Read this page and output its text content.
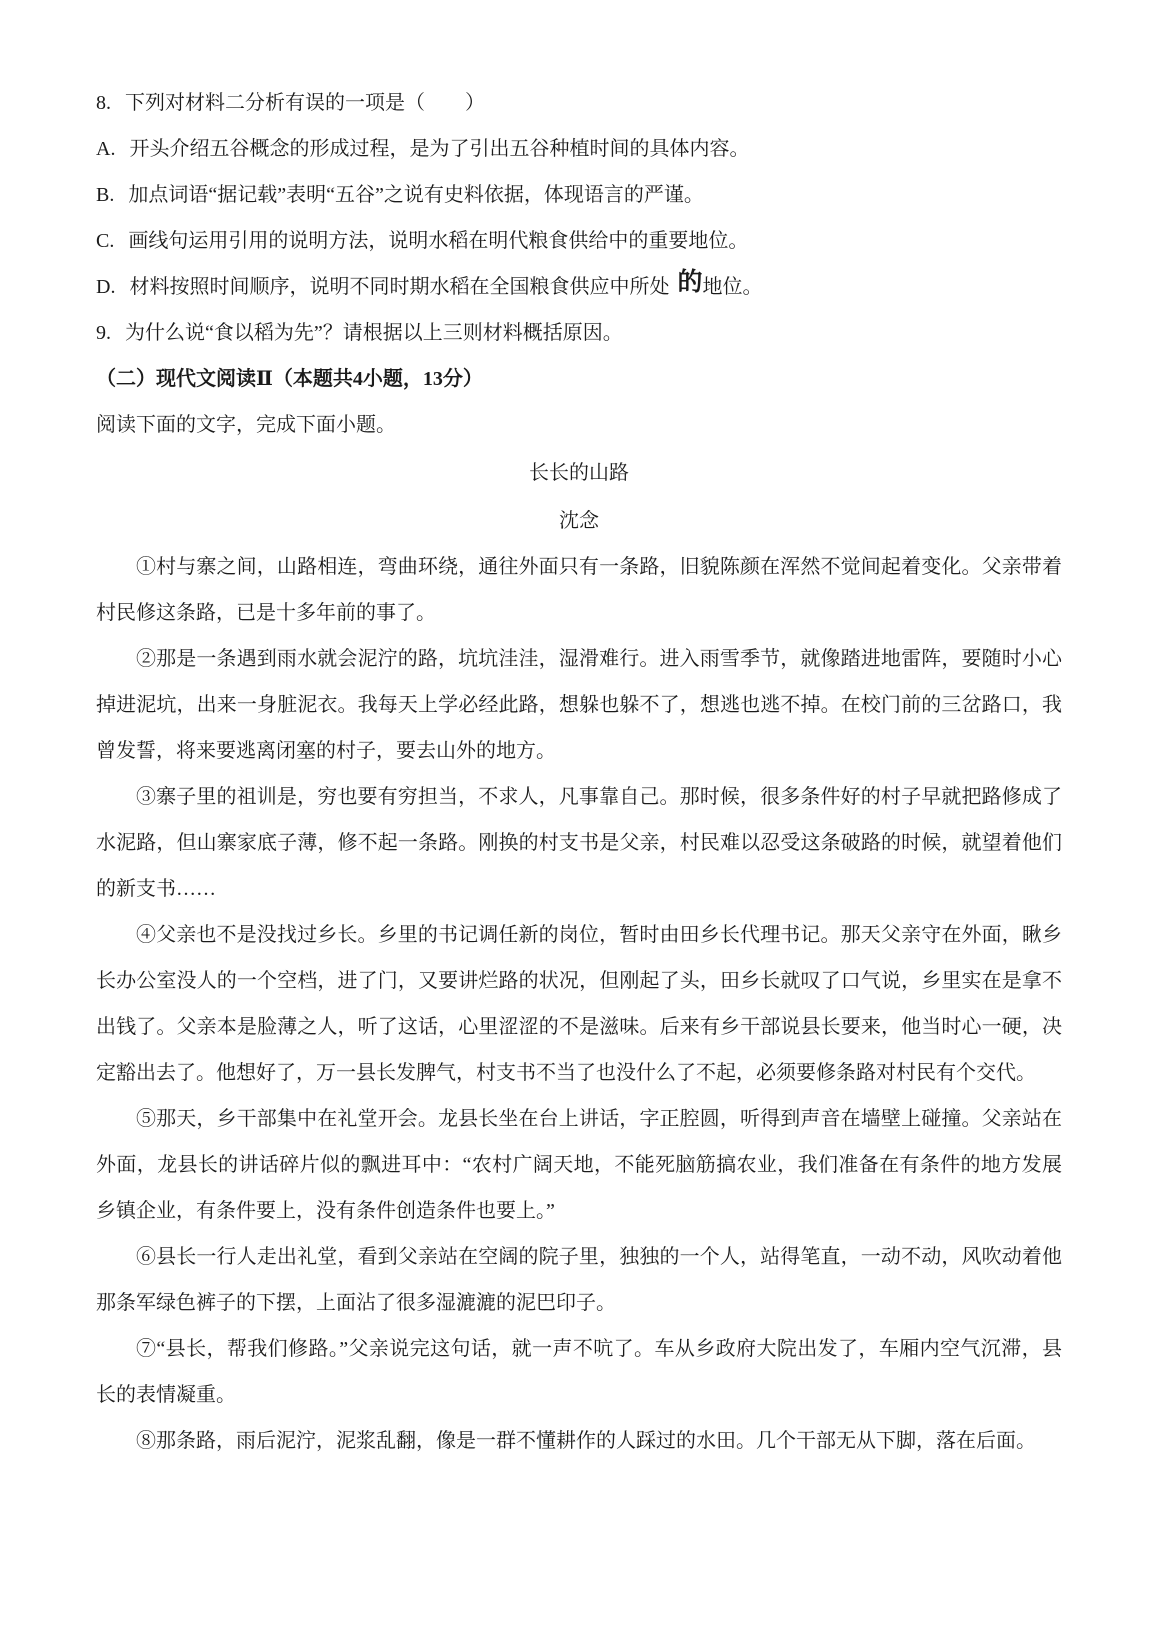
8. 下列对材料二分析有误的一项是（　　）

A. 开头介绍五谷概念的形成过程，是为了引出五谷种植时间的具体内容。

B. 加点词语“据记载”表明“五谷”之说有史料依据，体现语言的严谨。

C. 画线句运用引用的说明方法，说明水稻在明代粮食供给中的重要地位。

D. 材料按照时间顺序，说明不同时期水稻在全国粮食供应中所处 的地位。

9. 为什么说“食以稻为先”？请根据以上三则材料概括原因。

（二）现代文阅读Ⅱ（本题共4小题，13分）

阅读下面的文字，完成下面小题。

长长的山路

沈念

①村与寨之间，山路相连，弯曲环绕，通往外面只有一条路，旧貌陈颜在浑然不觉间起着变化。父亲带着村民修这条路，已是十多年前的事了。

②那是一条遇到雨水就会泥泞的路，坑坑洼洼，湿滑难行。进入雨雪季节，就像踏进地雷阵，要随时小心掉进泥坑，出来一身脏泥衣。我每天上学必经此路，想躲也躲不了，想逃也逃不掉。在校门前的三岔路口，我曾发誓，将来要逃离闭塞的村子，要去山外的地方。

③寨子里的祖训是，穷也要有穷担当，不求人，凡事靠自己。那时候，很多条件好的村子早就把路修成了水泥路，但山寨家底子薄，修不起一条路。刚换的村支书是父亲，村民难以忍受这条破路的时候，就望着他们的新支书……

④父亲也不是没找过乡长。乡里的书记调任新的岗位，暂时由田乡长代理书记。那天父亲守在外面，瞅乡长办公室没人的一个空档，进了门，又要讲烂路的状况，但刚起了头，田乡长就叹了口气说，乡里实在是拿不出钱了。父亲本是脸薄之人，听了这话，心里涩涩的不是滋味。后来有乡干部说县长要来，他当时心一硬，决定豁出去了。他想好了，万一县长发脾气，村支书不当了也没什么了不起，必须要修条路对村民有个交代。

⑤那天，乡干部集中在礼堂开会。龙县长坐在台上讲话，字正腔圆，听得到声音在墙壁上碰撞。父亲站在外面，龙县长的讲话碎片似的飘进耳中：“农村广阔天地，不能死脑筋搞农业，我们准备在有条件的地方发展乡镇企业，有条件要上，没有条件创造条件也要上。”

⑥县长一行人走出礼堂，看到父亲站在空阔的院子里，独独的一个人，站得笔直，一动不动，风吹动着他那条军绿色裤子的下摆，上面沾了很多湿漉漉的泥巴印子。

⑦“县长，帮我们修路。”父亲说完这句话，就一声不吭了。车从乡政府大院出发了，车厢内空气沉滞，县长的表情凝重。

⑧那条路，雨后泥泞，泥浆乱翻，像是一群不懂耕作的人踩过的水田。几个干部无从下脚，落在后面。
